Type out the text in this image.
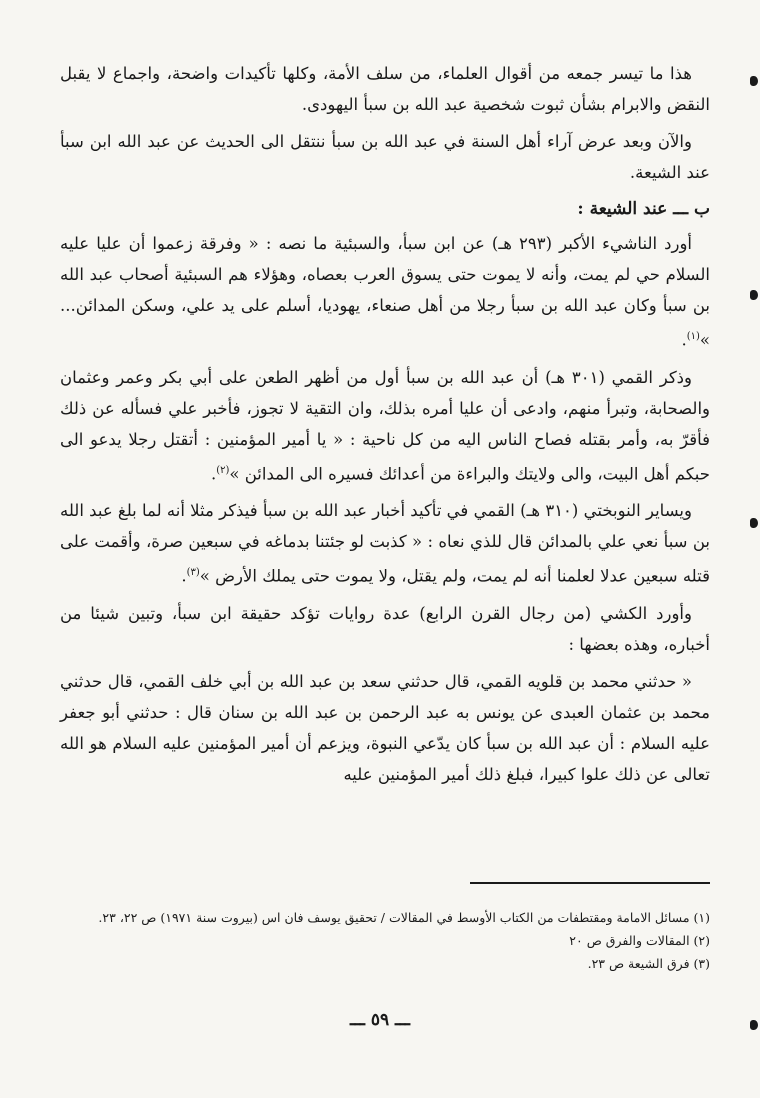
هذا ما تيسر جمعه من أقوال العلماء، من سلف الأمة، وكلها تأكيدات واضحة، واجماع لا يقبل النقض والابرام بشأن ثبوت شخصية عبد الله بن سبأ اليهودى.

والآن وبعد عرض آراء أهل السنة في عبد الله بن سبأ ننتقل الى الحديث عن عبد الله ابن سبأ عند الشيعة.

ب ـــ عند الشيعة :

أورد الناشيء الأكبر (٢٩٣ هـ) عن ابن سبأ، والسبئية ما نصه : « وفرقة زعموا أن عليا عليه السلام حي لم يمت، وأنه لا يموت حتى يسوق العرب بعصاه، وهؤلاء هم السبئية أصحاب عبد الله بن سبأ وكان عبد الله بن سبأ رجلا من أهل صنعاء، يهوديا، أسلم على يد علي، وسكن المدائن... »$^{(١)}$.

وذكر القمي (٣٠١ هـ) أن عبد الله بن سبأ أول من أظهر الطعن على أبي بكر وعمر وعثمان والصحابة، وتبرأ منهم، وادعى أن عليا أمره بذلك، وان التقية لا تجوز، فأخبر علي فسأله عن ذلك فأقرّ به، وأمر بقتله فصاح الناس اليه من كل ناحية : « يا أمير المؤمنين : أتقتل رجلا يدعو الى حبكم أهل البيت، والى ولايتك والبراءة من أعدائك فسيره الى المدائن »$^{(٢)}$.

ويساير النوبختي (٣١٠ هـ) القمي في تأكيد أخبار عبد الله بن سبأ فيذكر مثلا أنه لما بلغ عبد الله بن سبأ نعي علي بالمدائن قال للذي نعاه : « كذبت لو جئتنا بدماغه في سبعين صرة، وأقمت على قتله سبعين عدلا لعلمنا أنه لم يمت، ولم يقتل، ولا يموت حتى يملك الأرض »$^{(٣)}$.

وأورد الكشي (من رجال القرن الرابع) عدة روايات تؤكد حقيقة ابن سبأ، وتبين شيئا من أخباره، وهذه بعضها :

« حدثني محمد بن قلويه القمي، قال حدثني سعد بن عبد الله بن أبي خلف القمي، قال حدثني محمد بن عثمان العبدى عن يونس به عبد الرحمن بن عبد الله بن سنان قال : حدثني أبو جعفر عليه السلام : أن عبد الله بن سبأ كان يدّعي النبوة، ويزعم أن أمير المؤمنين عليه السلام هو الله تعالى عن ذلك علوا كبيرا، فبلغ ذلك أمير المؤمنين عليه

(١) مسائل الامامة ومقتطفات من الكتاب الأوسط في المقالات / تحقيق يوسف فان اس (بيروت سنة ١٩٧١) ص ٢٢، ٢٣.
(٢) المقالات والفرق ص ٢٠
(٣) فرق الشيعة ص ٢٣.
ـــ ٥٩ ـــ
